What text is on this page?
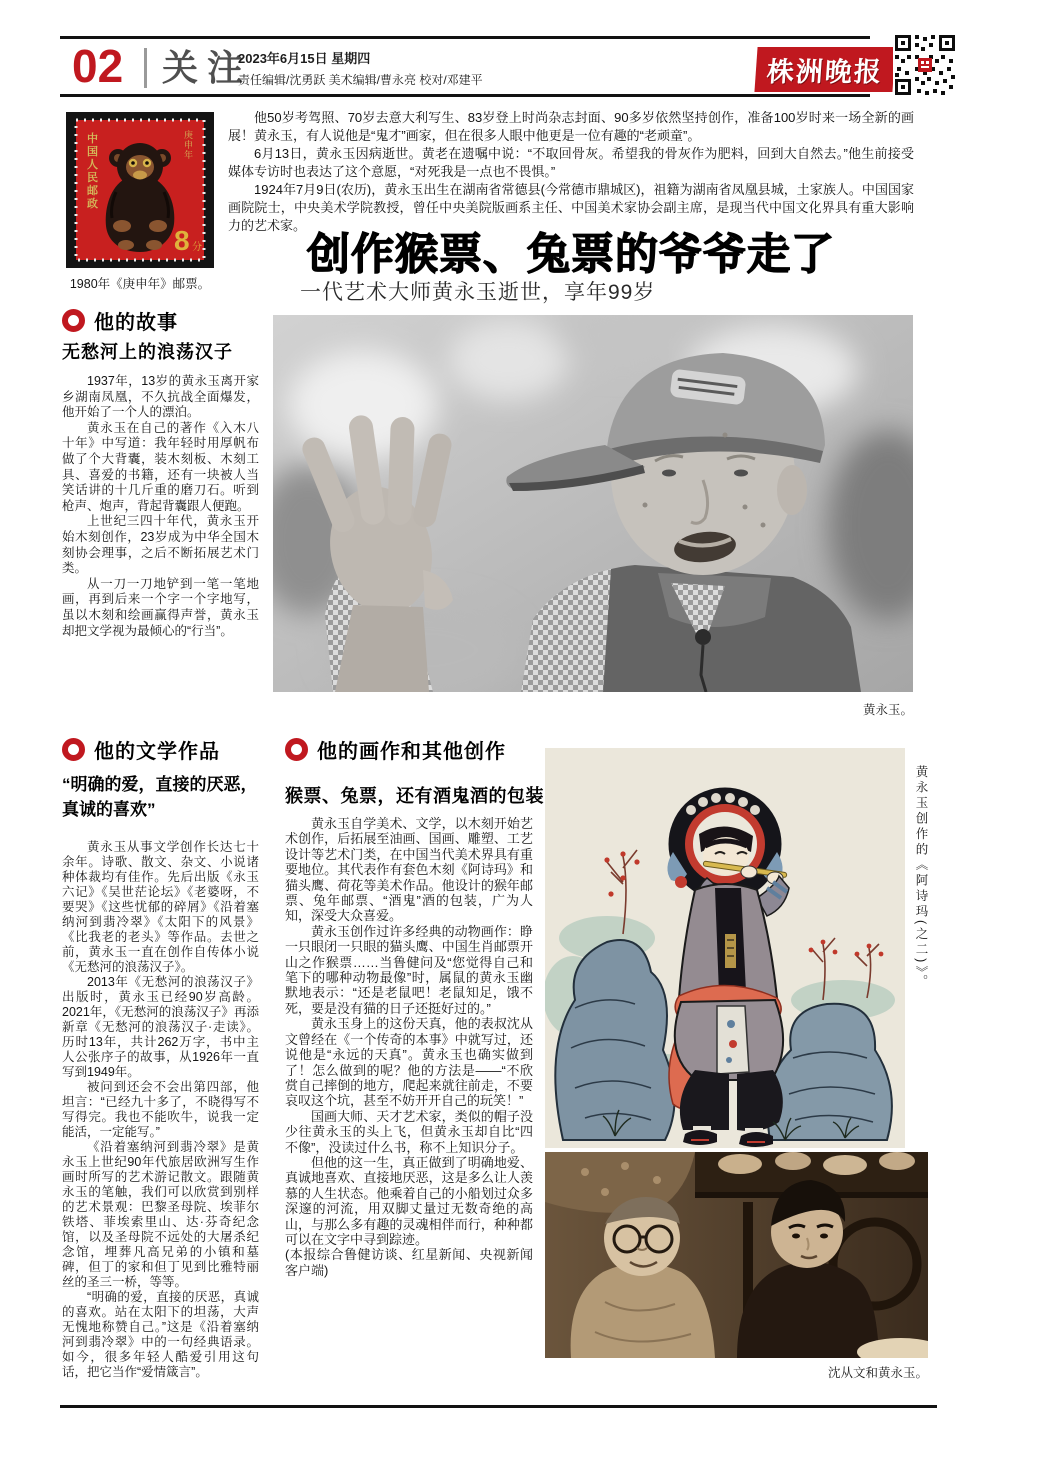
02 关注
2023年6月15日 星期四
责任编辑/沈勇跃 美术编辑/曹永亮 校对/邓建平	株洲晚报
中国人民邮政
庚申年
8 分
1980年《庚申年》邮票。

他50岁考驾照、70岁去意大利写生、83岁登上时尚杂志封面、90多岁依然坚持创作，准备100岁时来一场全新的画展！黄永玉，有人说他是“鬼才”画家，但在很多人眼中他更是一位有趣的“老顽童”。

6月13日，黄永玉因病逝世。黄老在遗嘱中说：“不取回骨灰。希望我的骨灰作为肥料，回到大自然去。”他生前接受媒体专访时也表达了这个意愿，“对死我是一点也不畏惧。”

1924年7月9日(农历)，黄永玉出生在湖南省常德县(今常德市鼎城区)，祖籍为湖南省凤凰县城，土家族人。中国国家画院院士，中央美术学院教授，曾任中央美院版画系主任、中国美术家协会副主席，是现当代中国文化界具有重大影响力的艺术家。

创作猴票、兔票的爷爷走了
一代艺术大师黄永玉逝世，享年99岁
他的故事
无愁河上的浪荡汉子

1937年，13岁的黄永玉离开家乡湖南凤凰，不久抗战全面爆发，他开始了一个人的漂泊。

黄永玉在自己的著作《入木八十年》中写道：我年轻时用厚帆布做了个大背囊，装木刻板、木刻工具、喜爱的书籍，还有一块被人当笑话讲的十几斤重的磨刀石。听到枪声、炮声，背起背囊跟人便跑。

上世纪三四十年代，黄永玉开始木刻创作，23岁成为中华全国木刻协会理事，之后不断拓展艺术门类。

从一刀一刀地铲到一笔一笔地画，再到后来一个字一个字地写，虽以木刻和绘画赢得声誉，黄永玉却把文学视为最倾心的“行当”。

黄永玉。
他的文学作品
“明确的爱，直接的厌恶，真诚的喜欢”

黄永玉从事文学创作长达七十余年。诗歌、散文、杂文、小说诸种体裁均有佳作。先后出版《永玉六记》《吴世茫论坛》《老婆呀，不要哭》《这些忧郁的碎屑》《沿着塞纳河到翡冷翠》《太阳下的风景》《比我老的老头》等作品。去世之前，黄永玉一直在创作自传体小说《无愁河的浪荡汉子》。

2013年《无愁河的浪荡汉子》出版时，黄永玉已经90岁高龄。2021年，《无愁河的浪荡汉子》再添新章《无愁河的浪荡汉子·走读》。历时13年，共计262万字，书中主人公张序子的故事，从1926年一直写到1949年。

被问到还会不会出第四部，他坦言：“已经九十多了，不晓得写不写得完。我也不能吹牛，说我一定能活，一定能写。”

《沿着塞纳河到翡冷翠》是黄永玉上世纪90年代旅居欧洲写生作画时所写的艺术游记散文。跟随黄永玉的笔触，我们可以欣赏到别样的艺术景观：巴黎圣母院、埃菲尔铁塔、菲埃索里山、达·芬奇纪念馆，以及圣母院不远处的大屠杀纪念馆，埋葬凡高兄弟的小镇和墓碑，但丁的家和但丁见到比雅特丽丝的圣三一桥，等等。

“明确的爱，直接的厌恶，真诚的喜欢。站在太阳下的坦荡，大声无愧地称赞自己。”这是《沿着塞纳河到翡冷翠》中的一句经典语录。如今，很多年轻人酷爱引用这句话，把它当作“爱情箴言”。

他的画作和其他创作
猴票、兔票，还有酒鬼酒的包装

黄永玉自学美术、文学，以木刻开始艺术创作，后拓展至油画、国画、雕塑、工艺设计等艺术门类，在中国当代美术界具有重要地位。其代表作有套色木刻《阿诗玛》和猫头鹰、荷花等美术作品。他设计的猴年邮票、兔年邮票、“酒鬼”酒的包装，广为人知，深受大众喜爱。

黄永玉创作过许多经典的动物画作：睁一只眼闭一只眼的猫头鹰、中国生肖邮票开山之作猴票……当鲁健问及“您觉得自己和笔下的哪种动物最像”时，属鼠的黄永玉幽默地表示：“还是老鼠吧！老鼠知足，饿不死，要是没有猫的日子还挺好过的。”

黄永玉身上的这份天真，他的表叔沈从文曾经在《一个传奇的本事》中就写过，还说他是“永远的天真”。黄永玉也确实做到了！怎么做到的呢？他的方法是——“不欣赏自己摔倒的地方，爬起来就往前走，不要哀叹这个坑，甚至不妨开开自己的玩笑！”

国画大师、天才艺术家，类似的帽子没少往黄永玉的头上飞，但黄永玉却自比“四不像”，没读过什么书，称不上知识分子。

但他的这一生，真正做到了明确地爱、真诚地喜欢、直接地厌恶，这是多么让人羡慕的人生状态。他乘着自己的小船划过众多深邃的河流，用双脚丈量过无数奇绝的高山，与那么多有趣的灵魂相伴而行，种种都可以在文字中寻到踪迹。

(本报综合鲁健访谈、红星新闻、央视新闻客户端)

黄永玉创作的《阿诗玛(之二)》。
沈从文和黄永玉。
